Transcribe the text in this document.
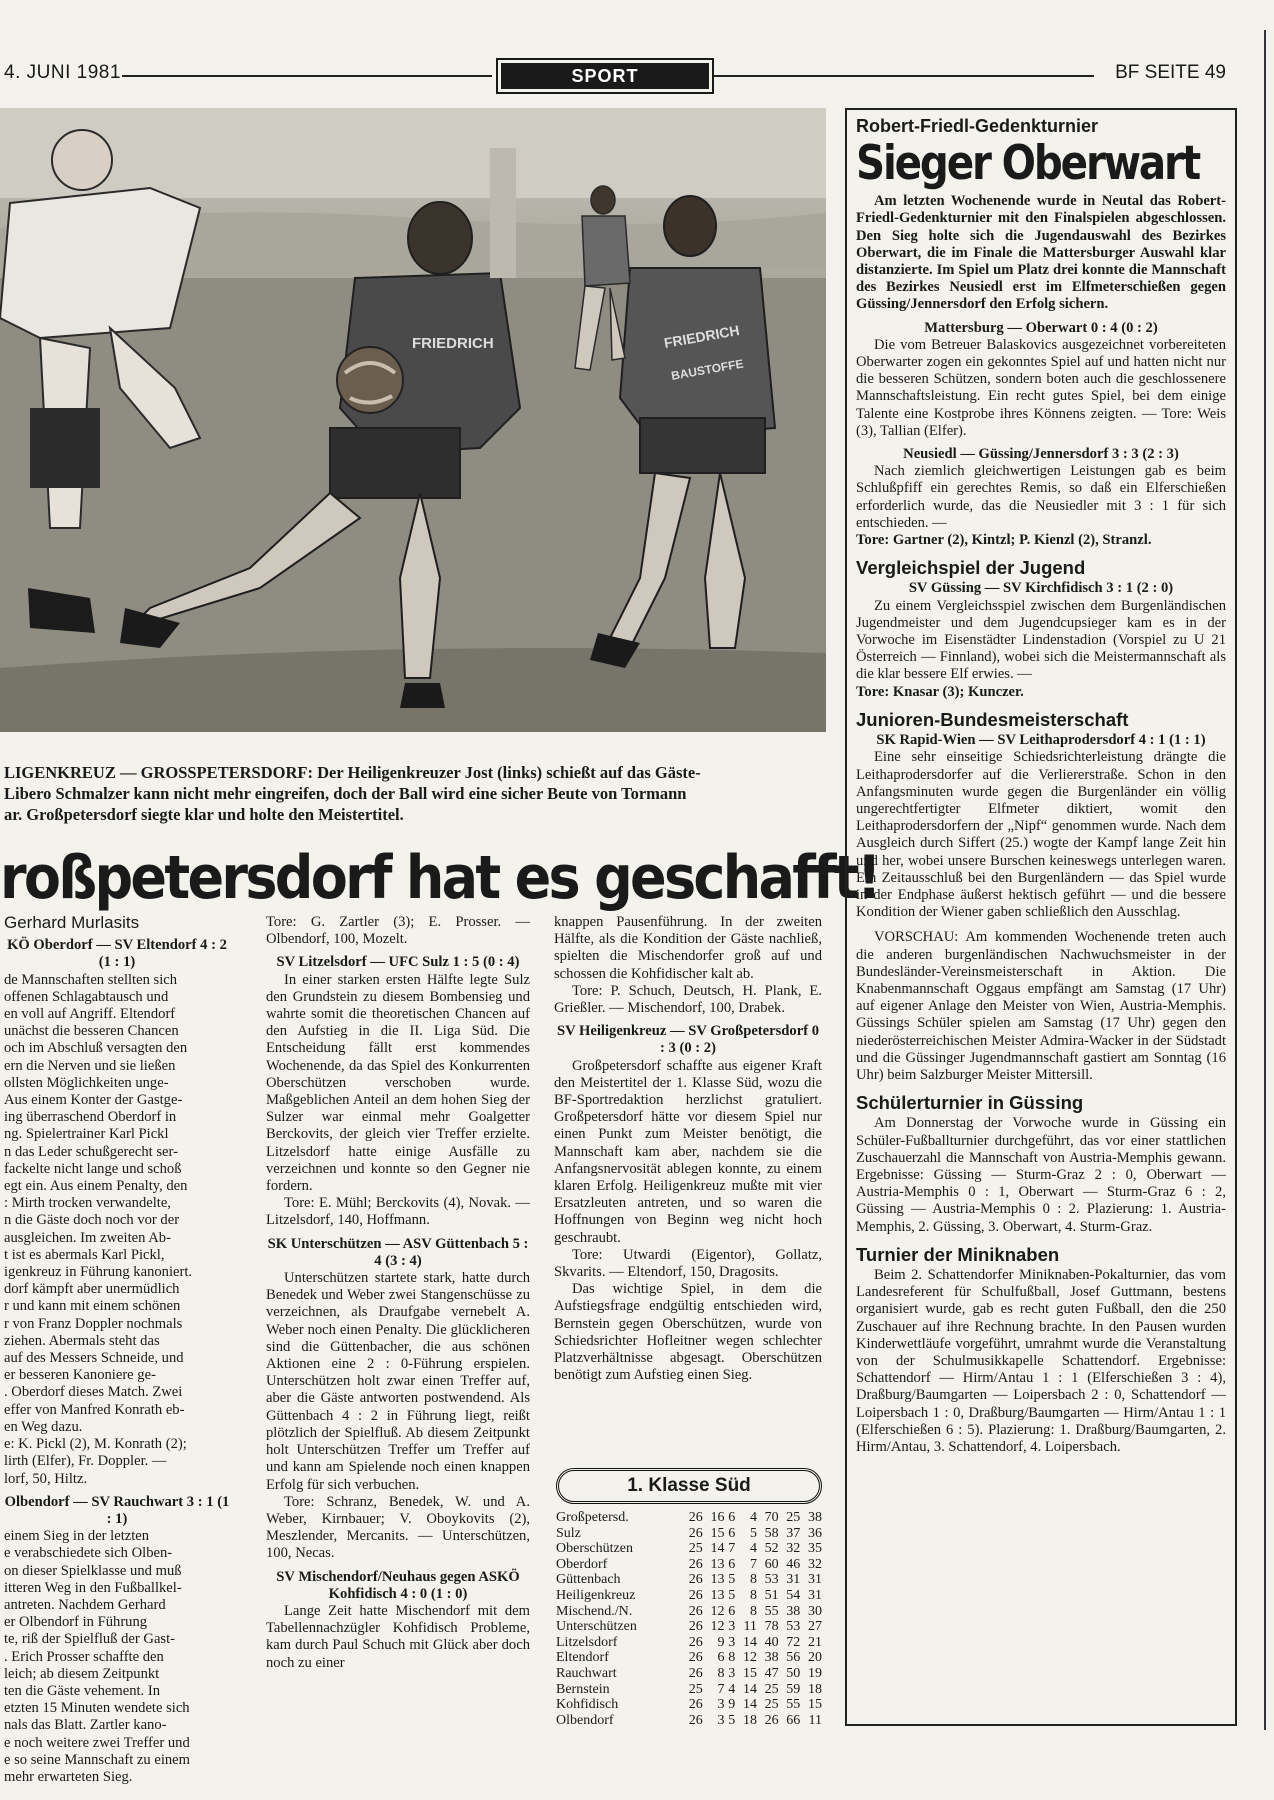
4. JUNI 1981	SPORT	BF SEITE 49
FRIEDRICH	FRIEDRICH
BAUSTOFFE
LIGENKREUZ — GROSSPETERSDORF: Der Heiligenkreuzer Jost (links) schießt auf das Gäste-
Libero Schmalzer kann nicht mehr eingreifen, doch der Ball wird eine sicher Beute von Tormann
ar. Großpetersdorf siegte klar und holte den Meistertitel.
roßpetersdorf hat es geschafft!
Gerhard Murlasits

KÖ Oberdorf — SV Eltendorf 4 : 2 (1 : 1)

de Mannschaften stellten sich
offenen Schlagabtausch und
en voll auf Angriff. Eltendorf
unächst die besseren Chancen
och im Abschluß versagten den
ern die Nerven und sie ließen
ollsten Möglichkeiten unge-
Aus einem Konter der Gastge-
ing überraschend Oberdorf in
ng. Spielertrainer Karl Pickl
n das Leder schußgerecht ser-
fackelte nicht lange und schoß
egt ein. Aus einem Penalty, den
: Mirth trocken verwandelte,
n die Gäste doch noch vor der
ausgleichen. Im zweiten Ab-
t ist es abermals Karl Pickl,
igenkreuz in Führung kanoniert.
dorf kämpft aber unermüdlich
r und kann mit einem schönen
r von Franz Doppler nochmals
ziehen. Abermals steht das
auf des Messers Schneide, und
er besseren Kanoniere ge-
. Oberdorf dieses Match. Zwei
effer von Manfred Konrath eb-
en Weg dazu.
e: K. Pickl (2), M. Konrath (2);
lirth (Elfer), Fr. Doppler. —
lorf, 50, Hiltz.

Olbendorf — SV Rauchwart 3 : 1 (1 : 1)

einem Sieg in der letzten
e verabschiedete sich Olben-
on dieser Spielklasse und muß
itteren Weg in den Fußballkel-
antreten. Nachdem Gerhard
er Olbendorf in Führung
te, riß der Spielfluß der Gast-
. Erich Prosser schaffte den
leich; ab diesem Zeitpunkt
ten die Gäste vehement. In
etzten 15 Minuten wendete sich
nals das Blatt. Zartler kano-
e noch weitere zwei Treffer und
e so seine Mannschaft zu einem
mehr erwarteten Sieg.

Tore: G. Zartler (3); E. Prosser. — Olbendorf, 100, Mozelt.

SV Litzelsdorf — UFC Sulz 1 : 5 (0 : 4)

In einer starken ersten Hälfte legte Sulz den Grundstein zu diesem Bombensieg und wahrte somit die theoretischen Chancen auf den Aufstieg in die II. Liga Süd. Die Entscheidung fällt erst kommendes Wochenende, da das Spiel des Konkurrenten Oberschützen verschoben wurde. Maßgeblichen Anteil an dem hohen Sieg der Sulzer war einmal mehr Goalgetter Berckovits, der gleich vier Treffer erzielte. Litzelsdorf hatte einige Ausfälle zu verzeichnen und konnte so den Gegner nie fordern.

Tore: E. Mühl; Berckovits (4), Novak. — Litzelsdorf, 140, Hoffmann.

SK Unterschützen — ASV Güttenbach 5 : 4 (3 : 4)

Unterschützen startete stark, hatte durch Benedek und Weber zwei Stangenschüsse zu verzeichnen, als Draufgabe vernebelt A. Weber noch einen Penalty. Die glücklicheren sind die Güttenbacher, die aus schönen Aktionen eine 2 : 0-Führung erspielen. Unterschützen holt zwar einen Treffer auf, aber die Gäste antworten postwendend. Als Güttenbach 4 : 2 in Führung liegt, reißt plötzlich der Spielfluß. Ab diesem Zeitpunkt holt Unterschützen Treffer um Treffer auf und kann am Spielende noch einen knappen Erfolg für sich verbuchen.

Tore: Schranz, Benedek, W. und A. Weber, Kirnbauer; V. Oboykovits (2), Meszlender, Mercanits. — Unterschützen, 100, Necas.

SV Mischendorf/Neuhaus gegen ASKÖ Kohfidisch 4 : 0 (1 : 0)

Lange Zeit hatte Mischendorf mit dem Tabellennachzügler Kohfidisch Probleme, kam durch Paul Schuch mit Glück aber doch noch zu einer

knappen Pausenführung. In der zweiten Hälfte, als die Kondition der Gäste nachließ, spielten die Mischendorfer groß auf und schossen die Kohfidischer kalt ab.

Tore: P. Schuch, Deutsch, H. Plank, E. Grießler. — Mischendorf, 100, Drabek.

SV Heiligenkreuz — SV Großpetersdorf 0 : 3 (0 : 2)

Großpetersdorf schaffte aus eigener Kraft den Meistertitel der 1. Klasse Süd, wozu die BF-Sportredaktion herzlichst gratuliert. Großpetersdorf hätte vor diesem Spiel nur einen Punkt zum Meister benötigt, die Mannschaft kam aber, nachdem sie die Anfangsnervosität ablegen konnte, zu einem klaren Erfolg. Heiligenkreuz mußte mit vier Ersatzleuten antreten, und so waren die Hoffnungen von Beginn weg nicht hoch geschraubt.

Tore: Utwardi (Eigentor), Gollatz, Skvarits. — Eltendorf, 150, Dragosits.

Das wichtige Spiel, in dem die Aufstiegsfrage endgültig entschieden wird, Bernstein gegen Oberschützen, wurde von Schiedsrichter Hofleitner wegen schlechter Platzverhältnisse abgesagt. Oberschützen benötigt zum Aufstieg einen Sieg.

1. Klasse Süd
Großpetersd.	26	16	6	4	70	25	38
Sulz	26	15	6	5	58	37	36
Oberschützen	25	14	7	4	52	32	35
Oberdorf	26	13	6	7	60	46	32
Güttenbach	26	13	5	8	53	31	31
Heiligenkreuz	26	13	5	8	51	54	31
Mischend./N.	26	12	6	8	55	38	30
Unterschützen	26	12	3	11	78	53	27
Litzelsdorf	26	9	3	14	40	72	21
Eltendorf	26	6	8	12	38	56	20
Rauchwart	26	8	3	15	47	50	19
Bernstein	25	7	4	14	25	59	18
Kohfidisch	26	3	9	14	25	55	15
Olbendorf	26	3	5	18	26	66	11
Robert-Friedl-Gedenkturnier
Sieger Oberwart

Am letzten Wochenende wurde in Neutal das Robert-Friedl-Gedenkturnier mit den Finalspielen abgeschlossen. Den Sieg holte sich die Jugendauswahl des Bezirkes Oberwart, die im Finale die Mattersburger Auswahl klar distanzierte. Im Spiel um Platz drei konnte die Mannschaft des Bezirkes Neusiedl erst im Elfmeterschießen gegen Güssing/Jennersdorf den Erfolg sichern.

Mattersburg — Oberwart 0 : 4 (0 : 2)

Die vom Betreuer Balaskovics ausgezeichnet vorbereiteten Oberwarter zogen ein gekonntes Spiel auf und hatten nicht nur die besseren Schützen, sondern boten auch die geschlossenere Mannschaftsleistung. Ein recht gutes Spiel, bei dem einige Talente eine Kostprobe ihres Könnens zeigten. — Tore: Weis (3), Tallian (Elfer).

Neusiedl — Güssing/Jennersdorf 3 : 3 (2 : 3)

Nach ziemlich gleichwertigen Leistungen gab es beim Schlußpfiff ein gerechtes Remis, so daß ein Elferschießen erforderlich wurde, das die Neusiedler mit 3 : 1 für sich entschieden. —

Tore: Gartner (2), Kintzl; P. Kienzl (2), Stranzl.

Vergleichspiel der Jugend

SV Güssing — SV Kirchfidisch 3 : 1 (2 : 0)

Zu einem Vergleichsspiel zwischen dem Burgenländischen Jugendmeister und dem Jugendcupsieger kam es in der Vorwoche im Eisenstädter Lindenstadion (Vorspiel zu U 21 Österreich — Finnland), wobei sich die Meistermannschaft als die klar bessere Elf erwies. —

Tore: Knasar (3); Kunczer.

Junioren-Bundesmeisterschaft

SK Rapid-Wien — SV Leithaprodersdorf 4 : 1 (1 : 1)

Eine sehr einseitige Schiedsrichterleistung drängte die Leithaprodersdorfer auf die Verliererstraße. Schon in den Anfangsminuten wurde gegen die Burgenländer ein völlig ungerechtfertigter Elfmeter diktiert, womit den Leithaprodersdorfern der „Nipf“ genommen wurde. Nach dem Ausgleich durch Siffert (25.) wogte der Kampf lange Zeit hin und her, wobei unsere Burschen keineswegs unterlegen waren. Ein Zeitausschluß bei den Burgenländern — das Spiel wurde in der Endphase äußerst hektisch geführt — und die bessere Kondition der Wiener gaben schließlich den Ausschlag.

VORSCHAU: Am kommenden Wochenende treten auch die anderen burgenländischen Nachwuchsmeister in der Bundesländer-Vereinsmeisterschaft in Aktion. Die Knabenmannschaft Oggaus empfängt am Samstag (17 Uhr) auf eigener Anlage den Meister von Wien, Austria-Memphis. Güssings Schüler spielen am Samstag (17 Uhr) gegen den niederösterreichischen Meister Admira-Wacker in der Südstadt und die Güssinger Jugendmannschaft gastiert am Sonntag (16 Uhr) beim Salzburger Meister Mittersill.

Schülerturnier in Güssing

Am Donnerstag der Vorwoche wurde in Güssing ein Schüler-Fußballturnier durchgeführt, das vor einer stattlichen Zuschauerzahl die Mannschaft von Austria-Memphis gewann. Ergebnisse: Güssing — Sturm-Graz 2 : 0, Oberwart — Austria-Memphis 0 : 1, Oberwart — Sturm-Graz 6 : 2, Güssing — Austria-Memphis 0 : 2. Plazierung: 1. Austria-Memphis, 2. Güssing, 3. Oberwart, 4. Sturm-Graz.

Turnier der Miniknaben

Beim 2. Schattendorfer Miniknaben-Pokalturnier, das vom Landesreferent für Schulfußball, Josef Guttmann, bestens organisiert wurde, gab es recht guten Fußball, den die 250 Zuschauer auf ihre Rechnung brachte. In den Pausen wurden Kinderwettläufe vorgeführt, umrahmt wurde die Veranstaltung von der Schulmusikkapelle Schattendorf. Ergebnisse: Schattendorf — Hirm/Antau 1 : 1 (Elferschießen 3 : 4), Draßburg/Baumgarten — Loipersbach 2 : 0, Schattendorf — Loipersbach 1 : 0, Draßburg/Baumgarten — Hirm/Antau 1 : 1 (Elferschießen 6 : 5). Plazierung: 1. Draßburg/Baumgarten, 2. Hirm/Antau, 3. Schattendorf, 4. Loipersbach.
